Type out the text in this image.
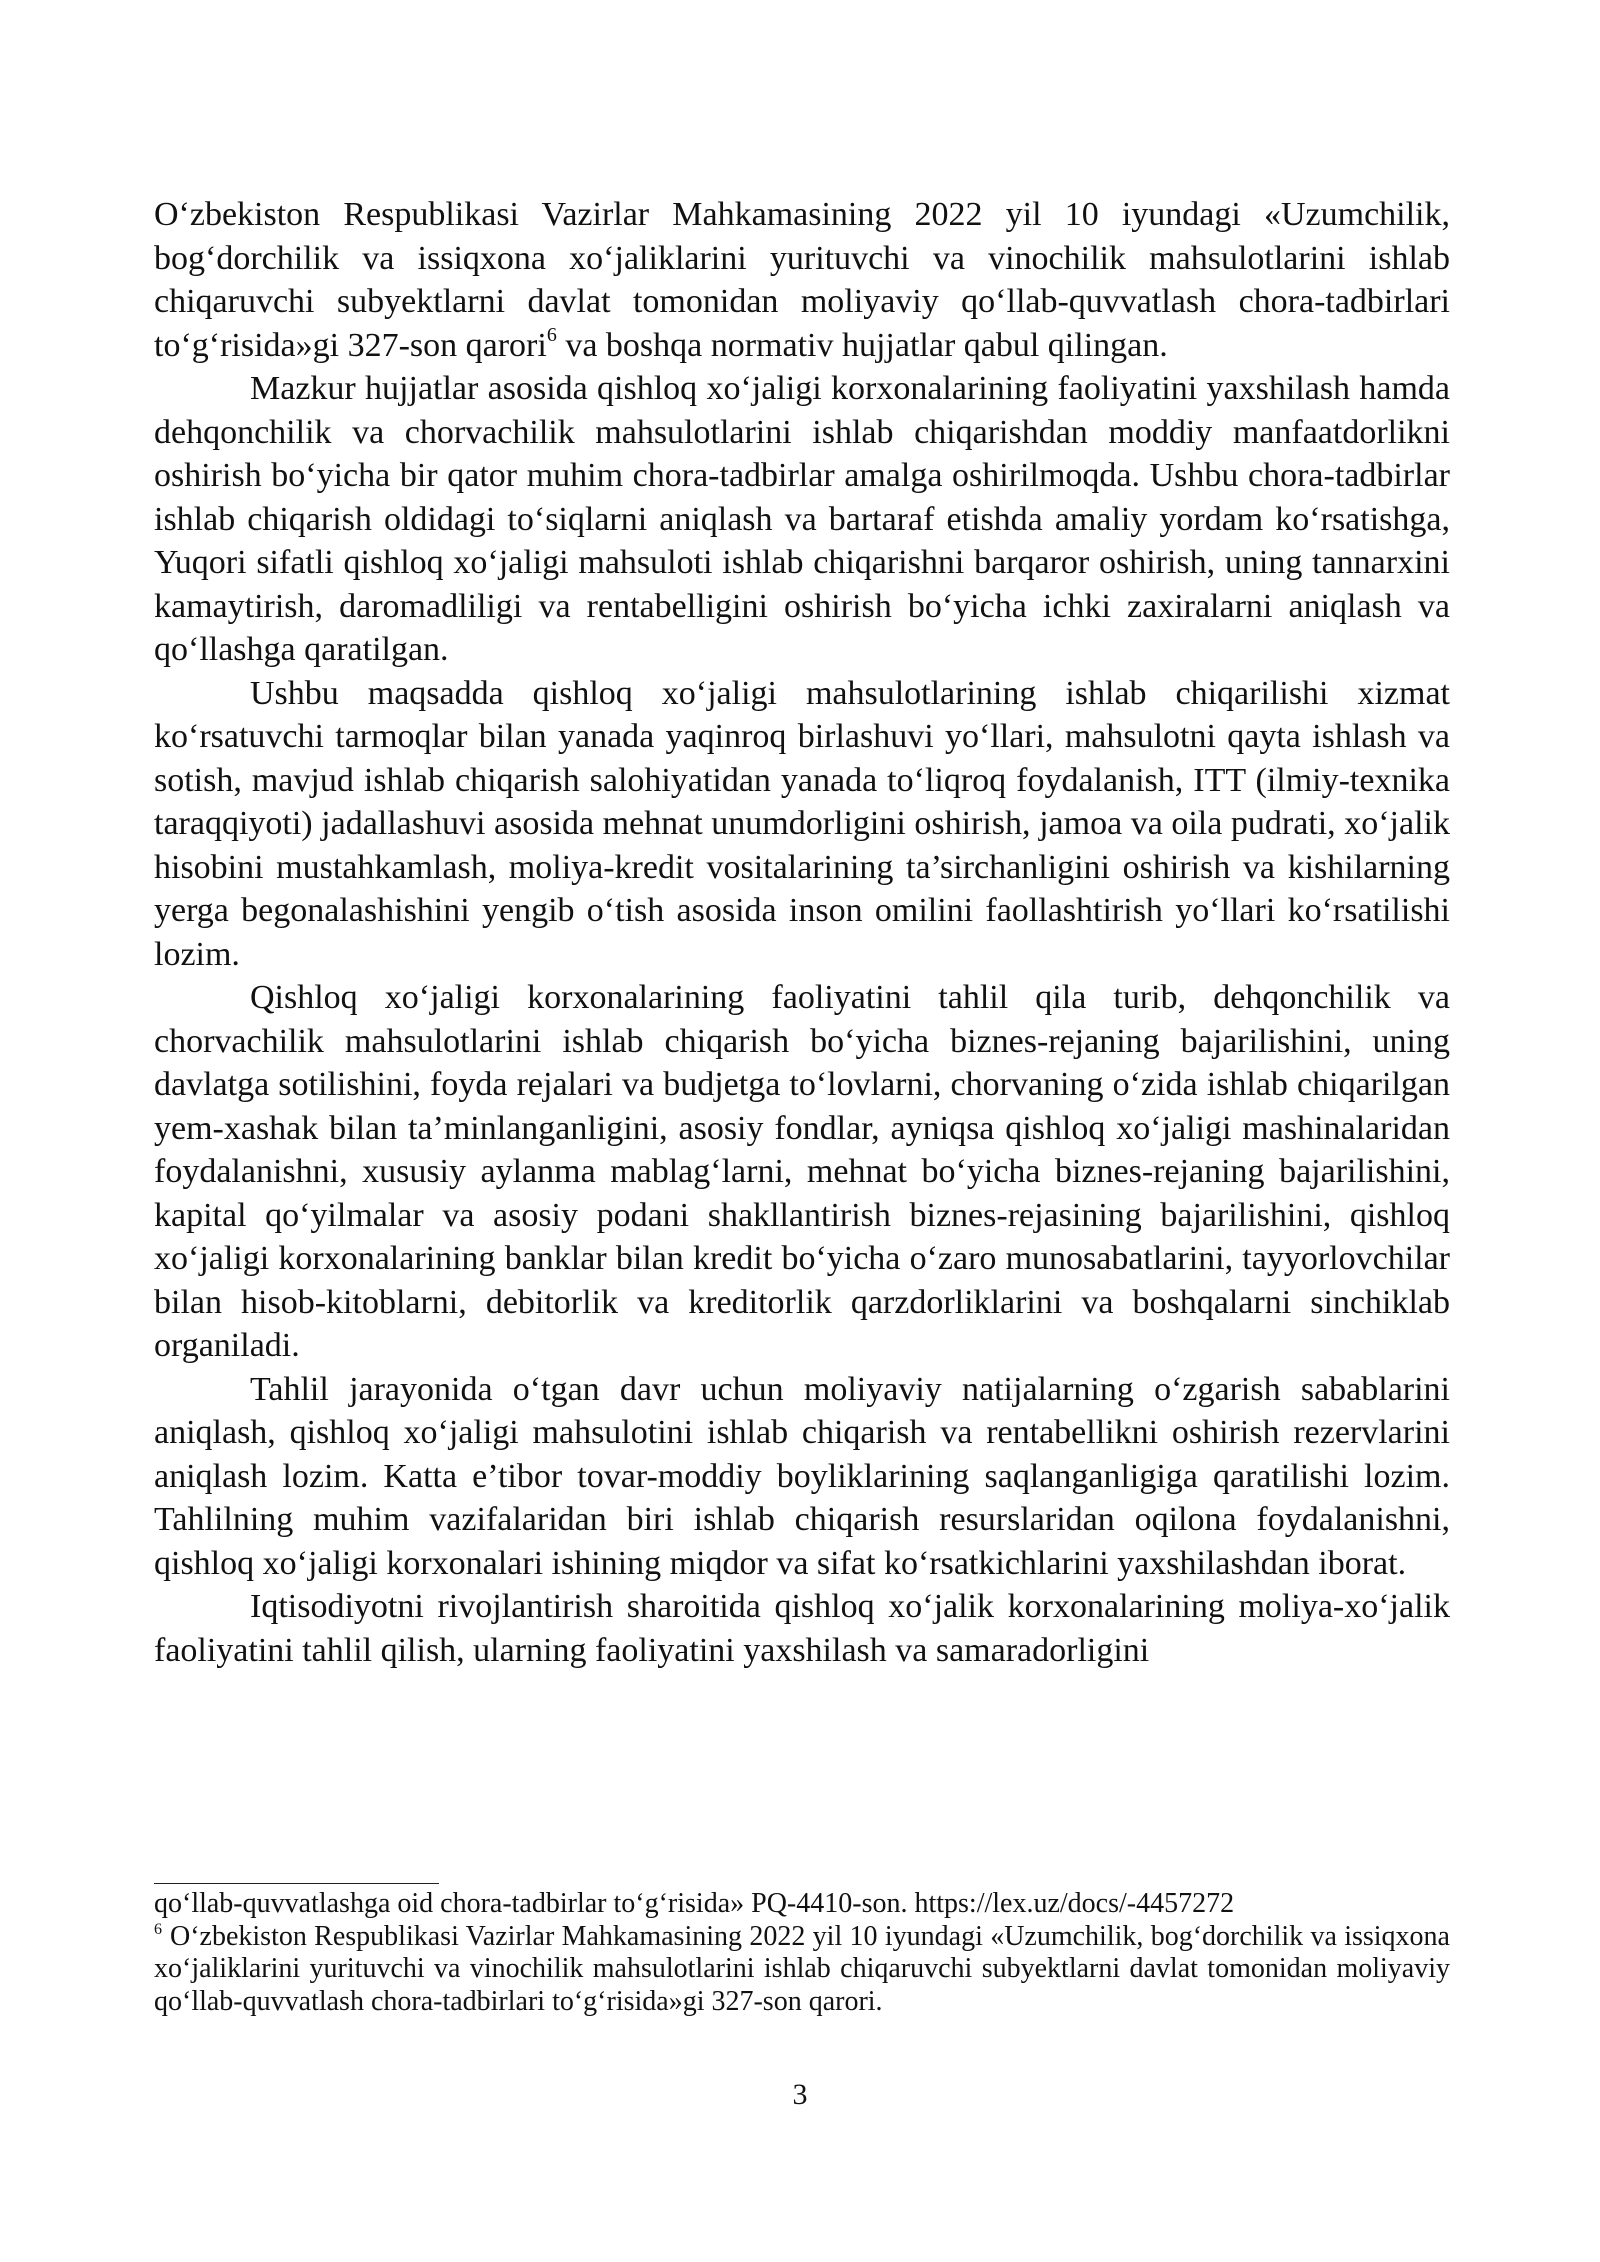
O‘zbekiston Respublikasi Vazirlar Mahkamasining 2022 yil 10 iyundagi «Uzumchilik, bog‘dorchilik va issiqxona xo‘jaliklarini yurituvchi va vinochilik mahsulotlarini ishlab chiqaruvchi subyektlarni davlat tomonidan moliyaviy qo‘llab-quvvatlash chora-tadbirlari to‘g‘risida»gi 327-son qarori$^6$ va boshqa normativ hujjatlar qabul qilingan.

Mazkur hujjatlar asosida qishloq xo‘jaligi korxonalarining faoliyatini yaxshilash hamda dehqonchilik va chorvachilik mahsulotlarini ishlab chiqarishdan moddiy manfaatdorlikni oshirish bo‘yicha bir qator muhim chora-tadbirlar amalga oshirilmoqda. Ushbu chora-tadbirlar ishlab chiqarish oldidagi to‘siqlarni aniqlash va bartaraf etishda amaliy yordam ko‘rsatishga, Yuqori sifatli qishloq xo‘jaligi mahsuloti ishlab chiqarishni barqaror oshirish, uning tannarxini kamaytirish, daromadliligi va rentabelligini oshirish bo‘yicha ichki zaxiralarni aniqlash va qo‘llashga qaratilgan.

Ushbu maqsadda qishloq xo‘jaligi mahsulotlarining ishlab chiqarilishi xizmat ko‘rsatuvchi tarmoqlar bilan yanada yaqinroq birlashuvi yo‘llari, mahsulotni qayta ishlash va sotish, mavjud ishlab chiqarish salohiyatidan yanada to‘liqroq foydalanish, ITT (ilmiy-texnika taraqqiyoti) jadallashuvi asosida mehnat unumdorligini oshirish, jamoa va oila pudrati, xo‘jalik hisobini mustahkamlash, moliya-kredit vositalarining ta’sirchanligini oshirish va kishilarning yerga begonalashishini yengib o‘tish asosida inson omilini faollashtirish yo‘llari ko‘rsatilishi lozim.

Qishloq xo‘jaligi korxonalarining faoliyatini tahlil qila turib, dehqonchilik va chorvachilik mahsulotlarini ishlab chiqarish bo‘yicha biznes-rejaning bajarilishini, uning davlatga sotilishini, foyda rejalari va budjetga to‘lovlarni, chorvaning o‘zida ishlab chiqarilgan yem-xashak bilan ta’minlanganligini, asosiy fondlar, ayniqsa qishloq xo‘jaligi mashinalaridan foydalanishni, xususiy aylanma mablag‘larni, mehnat bo‘yicha biznes-rejaning bajarilishini, kapital qo‘yilmalar va asosiy podani shakllantirish biznes-rejasining bajarilishini, qishloq xo‘jaligi korxonalarining banklar bilan kredit bo‘yicha o‘zaro munosabatlarini, tayyorlovchilar bilan hisob-kitoblarni, debitorlik va kreditorlik qarzdorliklarini va boshqalarni sinchiklab organiladi.

Tahlil jarayonida o‘tgan davr uchun moliyaviy natijalarning o‘zgarish sabablarini aniqlash, qishloq xo‘jaligi mahsulotini ishlab chiqarish va rentabellikni oshirish rezervlarini aniqlash lozim. Katta e’tibor tovar-moddiy boyliklarining saqlanganligiga qaratilishi lozim. Tahlilning muhim vazifalaridan biri ishlab chiqarish resurslaridan oqilona foydalanishni, qishloq xo‘jaligi korxonalari ishining miqdor va sifat ko‘rsatkichlarini yaxshilashdan iborat.

Iqtisodiyotni rivojlantirish sharoitida qishloq xo‘jalik korxonalarining moliya-xo‘jalik faoliyatini tahlil qilish, ularning faoliyatini yaxshilash va samaradorligini

qo‘llab-quvvatlashga oid chora-tadbirlar to‘g‘risida» PQ-4410-son. https://lex.uz/docs/-4457272

$^6$ O‘zbekiston Respublikasi Vazirlar Mahkamasining 2022 yil 10 iyundagi «Uzumchilik, bog‘dorchilik va issiqxona xo‘jaliklarini yurituvchi va vinochilik mahsulotlarini ishlab chiqaruvchi subyektlarni davlat tomonidan moliyaviy qo‘llab-quvvatlash chora-tadbirlari to‘g‘risida»gi 327-son qarori.

3
